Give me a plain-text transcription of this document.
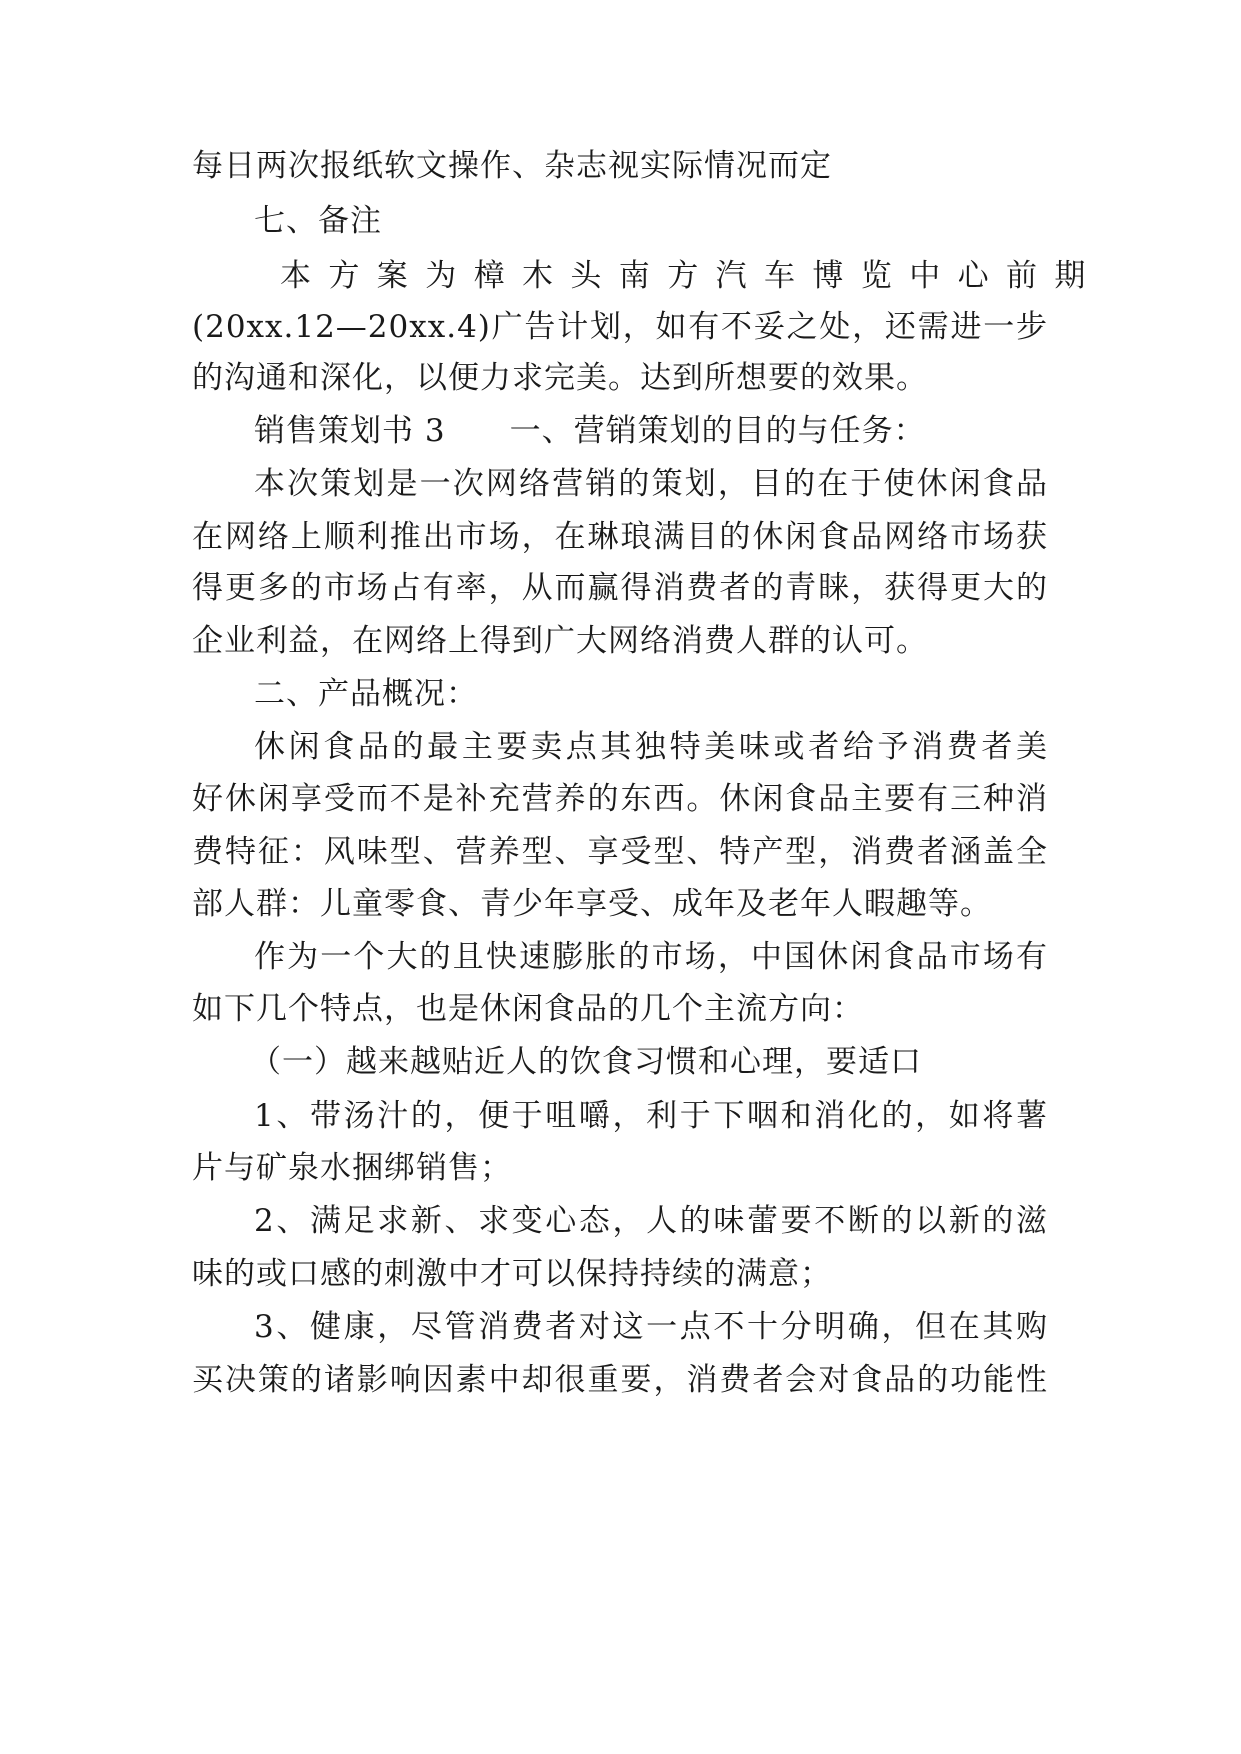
每日两次报纸软文操作、杂志视实际情况而定
七、备注
本方案为樟木头南方汽车博览中心前期
(20xx.12—20xx.4)广告计划，如有不妥之处，还需进一步
的沟通和深化，以便力求完美。达到所想要的效果。
销售策划书 3　　一、营销策划的目的与任务：
本次策划是一次网络营销的策划，目的在于使休闲食品
在网络上顺利推出市场，在琳琅满目的休闲食品网络市场获
得更多的市场占有率，从而赢得消费者的青睐，获得更大的
企业利益，在网络上得到广大网络消费人群的认可。
二、产品概况：
休闲食品的最主要卖点其独特美味或者给予消费者美
好休闲享受而不是补充营养的东西。休闲食品主要有三种消
费特征：风味型、营养型、享受型、特产型，消费者涵盖全
部人群：儿童零食、青少年享受、成年及老年人暇趣等。
作为一个大的且快速膨胀的市场，中国休闲食品市场有
如下几个特点，也是休闲食品的几个主流方向：
（一）越来越贴近人的饮食习惯和心理，要适口
1、带汤汁的，便于咀嚼，利于下咽和消化的，如将薯
片与矿泉水捆绑销售；
2、满足求新、求变心态，人的味蕾要不断的以新的滋
味的或口感的刺激中才可以保持持续的满意；
3、健康，尽管消费者对这一点不十分明确，但在其购
买决策的诸影响因素中却很重要，消费者会对食品的功能性
